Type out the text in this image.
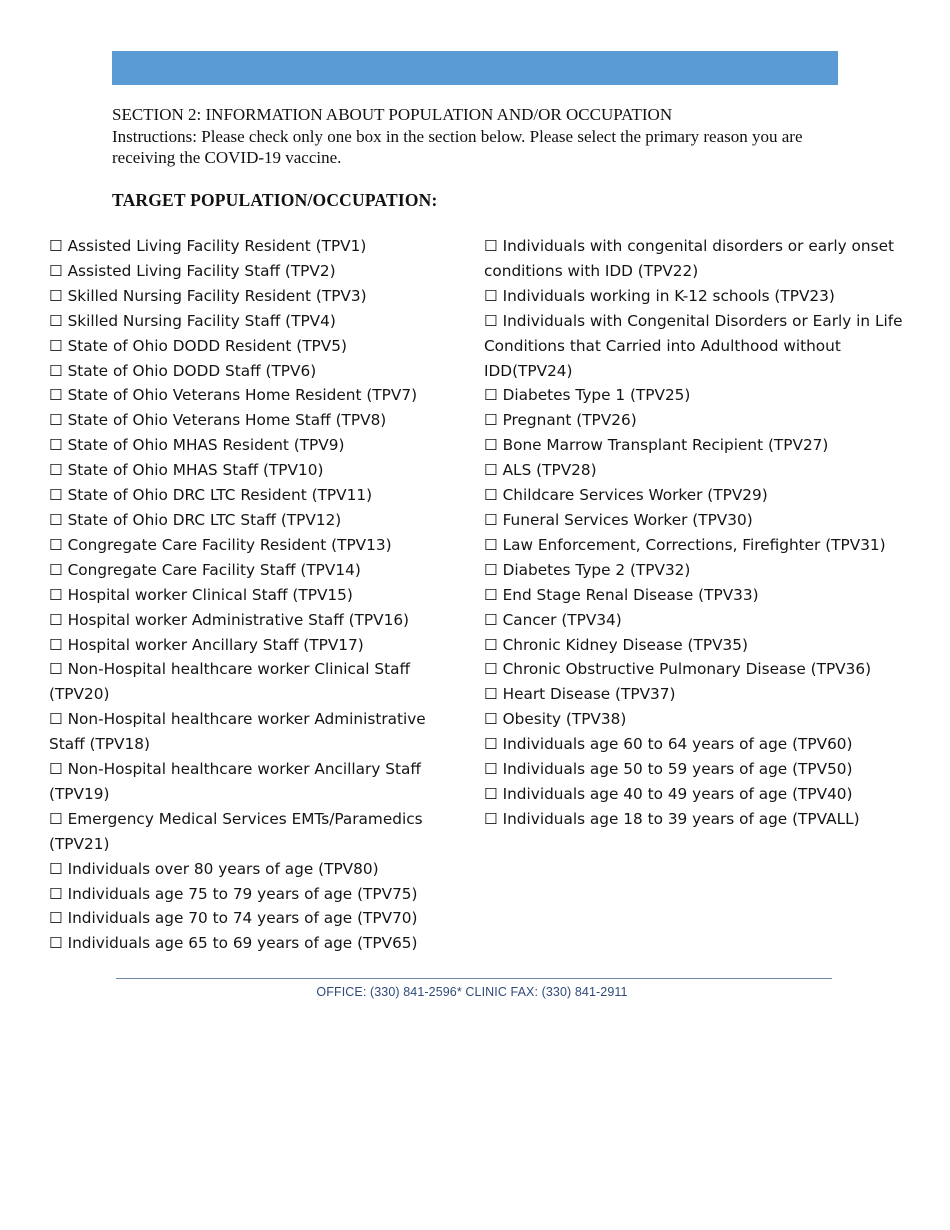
SECTION 2: INFORMATION ABOUT POPULATION AND/OR OCCUPATION
Instructions: Please check only one box in the section below. Please select the primary reason you are receiving the COVID-19 vaccine.
TARGET POPULATION/OCCUPATION:
☐ Assisted Living Facility Resident (TPV1)
☐ Assisted Living Facility Staff (TPV2)
☐ Skilled Nursing Facility Resident (TPV3)
☐ Skilled Nursing Facility Staff (TPV4)
☐ State of Ohio DODD Resident (TPV5)
☐ State of Ohio DODD Staff (TPV6)
☐ State of Ohio Veterans Home Resident (TPV7)
☐ State of Ohio Veterans Home Staff (TPV8)
☐ State of Ohio MHAS Resident (TPV9)
☐ State of Ohio MHAS Staff (TPV10)
☐ State of Ohio DRC LTC Resident (TPV11)
☐ State of Ohio DRC LTC Staff (TPV12)
☐ Congregate Care Facility Resident (TPV13)
☐ Congregate Care Facility Staff (TPV14)
☐ Hospital worker Clinical Staff (TPV15)
☐ Hospital worker Administrative Staff (TPV16)
☐ Hospital worker Ancillary Staff (TPV17)
☐ Non-Hospital healthcare worker Clinical Staff (TPV20)
☐ Non-Hospital healthcare worker Administrative Staff (TPV18)
☐ Non-Hospital healthcare worker Ancillary Staff (TPV19)
☐ Emergency Medical Services EMTs/Paramedics (TPV21)
☐ Individuals over 80 years of age (TPV80)
☐ Individuals age 75 to 79 years of age (TPV75)
☐ Individuals age 70 to 74 years of age (TPV70)
☐ Individuals age 65 to 69 years of age (TPV65)
☐ Individuals with congenital disorders or early onset conditions with IDD (TPV22)
☐ Individuals working in K-12 schools (TPV23)
☐ Individuals with Congenital Disorders or Early in Life Conditions that Carried into Adulthood without IDD(TPV24)
☐ Diabetes Type 1 (TPV25)
☐ Pregnant (TPV26)
☐ Bone Marrow Transplant Recipient (TPV27)
☐ ALS (TPV28)
☐ Childcare Services Worker (TPV29)
☐ Funeral Services Worker (TPV30)
☐ Law Enforcement, Corrections, Firefighter (TPV31)
☐ Diabetes Type 2 (TPV32)
☐ End Stage Renal Disease (TPV33)
☐ Cancer (TPV34)
☐ Chronic Kidney Disease (TPV35)
☐ Chronic Obstructive Pulmonary Disease (TPV36)
☐ Heart Disease (TPV37)
☐ Obesity (TPV38)
☐ Individuals age 60 to 64 years of age (TPV60)
☐ Individuals age 50 to 59 years of age (TPV50)
☐ Individuals age 40 to 49 years of age (TPV40)
☐ Individuals age 18 to 39 years of age (TPVALL)
OFFICE: (330) 841-2596* CLINIC FAX: (330) 841-2911
